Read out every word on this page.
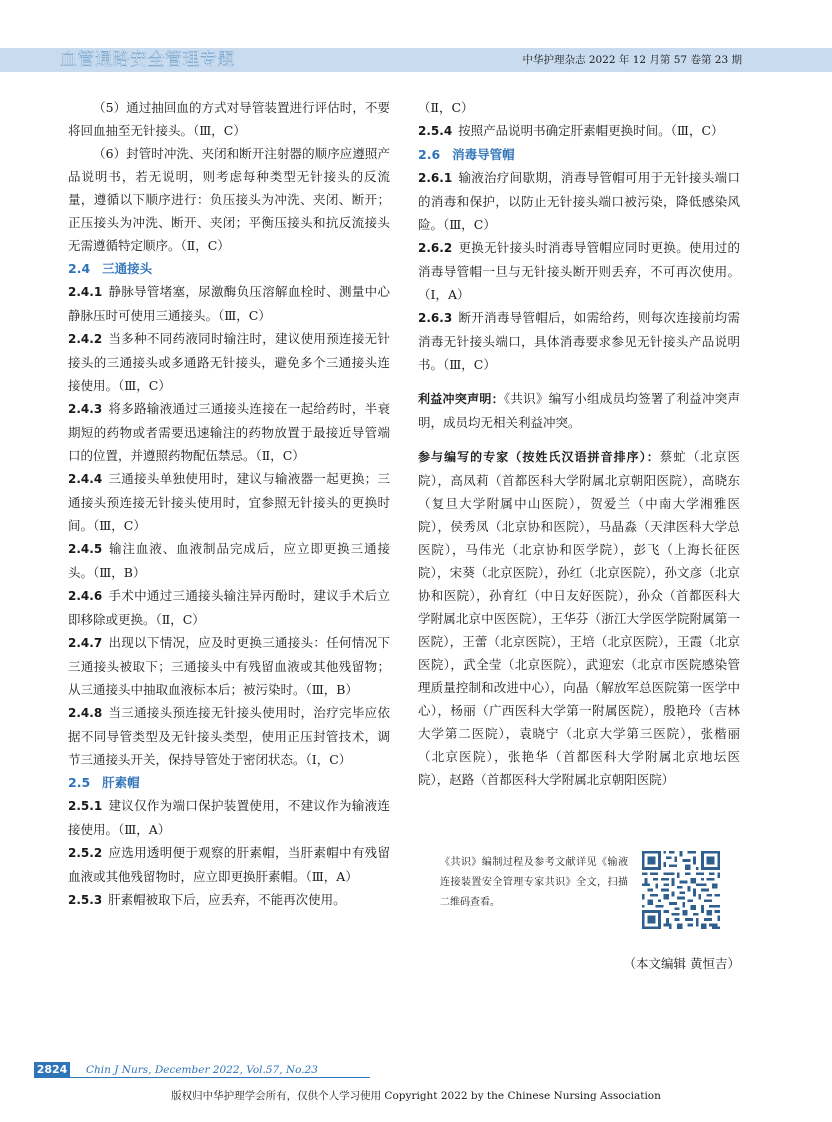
血管通路安全管理专题	中华护理杂志 2022 年 12 月第 57 卷第 23 期

（5）通过抽回血的方式对导管装置进行评估时，不要将回血抽至无针接头。（Ⅲ，C）

（6）封管时冲洗、夹闭和断开注射器的顺序应遵照产品说明书，若无说明，则考虑每种类型无针接头的反流量，遵循以下顺序进行：负压接头为冲洗、夹闭、断开；正压接头为冲洗、断开、夹闭；平衡压接头和抗反流接头无需遵循特定顺序。（Ⅱ，C）

2.4 三通接头

2.4.1 静脉导管堵塞，尿激酶负压溶解血栓时、测量中心静脉压时可使用三通接头。（Ⅲ，C）

2.4.2 当多种不同药液同时输注时，建议使用预连接无针接头的三通接头或多通路无针接头，避免多个三通接头连接使用。（Ⅲ，C）

2.4.3 将多路输液通过三通接头连接在一起给药时，半衰期短的药物或者需要迅速输注的药物放置于最接近导管端口的位置，并遵照药物配伍禁忌。（Ⅱ，C）

2.4.4 三通接头单独使用时，建议与输液器一起更换；三通接头预连接无针接头使用时，宜参照无针接头的更换时间。（Ⅲ，C）

2.4.5 输注血液、血液制品完成后，应立即更换三通接头。（Ⅲ，B）

2.4.6 手术中通过三通接头输注异丙酚时，建议手术后立即移除或更换。（Ⅱ，C）

2.4.7 出现以下情况，应及时更换三通接头：任何情况下三通接头被取下；三通接头中有残留血液或其他残留物；从三通接头中抽取血液标本后；被污染时。（Ⅲ，B）

2.4.8 当三通接头预连接无针接头使用时，治疗完毕应依据不同导管类型及无针接头类型，使用正压封管技术，调节三通接头开关，保持导管处于密闭状态。（Ⅰ，C）

2.5 肝素帽

2.5.1 建议仅作为端口保护装置使用，不建议作为输液连接使用。（Ⅲ，A）

2.5.2 应选用透明便于观察的肝素帽，当肝素帽中有残留血液或其他残留物时，应立即更换肝素帽。（Ⅲ，A）

2.5.3 肝素帽被取下后，应丢弃，不能再次使用。

（Ⅱ，C）

2.5.4 按照产品说明书确定肝素帽更换时间。（Ⅲ，C）

2.6 消毒导管帽

2.6.1 输液治疗间歇期，消毒导管帽可用于无针接头端口的消毒和保护，以防止无针接头端口被污染，降低感染风险。（Ⅲ，C）

2.6.2 更换无针接头时消毒导管帽应同时更换。使用过的消毒导管帽一旦与无针接头断开则丢弃，不可再次使用。（Ⅰ，A）

2.6.3 断开消毒导管帽后，如需给药，则每次连接前均需消毒无针接头端口，具体消毒要求参见无针接头产品说明书。（Ⅲ，C）

利益冲突声明：《共识》编写小组成员均签署了利益冲突声明，成员均无相关利益冲突。

参与编写的专家（按姓氏汉语拼音排序）：蔡虻（北京医院），高凤莉（首都医科大学附属北京朝阳医院），高晓东（复旦大学附属中山医院），贺爱兰（中南大学湘雅医院），侯秀凤（北京协和医院），马晶淼（天津医科大学总医院），马伟光（北京协和医学院），彭飞（上海长征医院），宋葵（北京医院），孙红（北京医院），孙文彦（北京协和医院），孙育红（中日友好医院），孙众（首都医科大学附属北京中医医院），王华芬（浙江大学医学院附属第一医院），王蕾（北京医院），王培（北京医院），王霞（北京医院），武全莹（北京医院），武迎宏（北京市医院感染管理质量控制和改进中心），向晶（解放军总医院第一医学中心），杨丽（广西医科大学第一附属医院），殷艳玲（吉林大学第二医院），袁晓宁（北京大学第三医院），张楷丽（北京医院），张艳华（首都医科大学附属北京地坛医院），赵路（首都医科大学附属北京朝阳医院）

《共识》编制过程及参考文献详见《输液连接装置安全管理专家共识》全文，扫描二维码查看。
（本文编辑 黄恒吉）
2824 Chin J Nurs, December 2022, Vol.57, No.23
版权归中华护理学会所有，仅供个人学习使用 Copyright 2022 by the Chinese Nursing Association
